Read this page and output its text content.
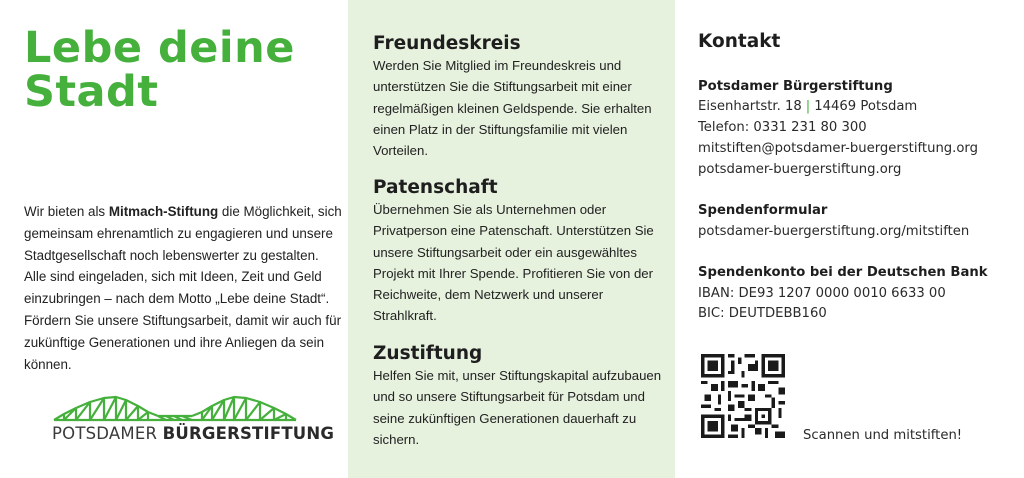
Lebe deine
Stadt

Wir bieten als Mitmach-Stiftung die Möglichkeit, sich gemeinsam ehrenamtlich zu engagieren und unsere Stadtgesellschaft noch lebenswerter zu gestalten. Alle sind eingeladen, sich mit Ideen, Zeit und Geld einzubringen – nach dem Motto „Lebe deine Stadt“. Fördern Sie unsere Stiftungsarbeit, damit wir auch für zukünftige Generationen und ihre Anliegen da sein können.

POTSDAMER BÜRGERSTIFTUNG
Freundeskreis

Werden Sie Mitglied im Freundeskreis und unterstützen Sie die Stiftungsarbeit mit einer regelmäßigen kleinen Geldspende. Sie erhalten einen Platz in der Stiftungsfamilie mit vielen Vorteilen.

Patenschaft

Übernehmen Sie als Unternehmen oder Privatperson eine Patenschaft. Unterstützen Sie unsere Stiftungsarbeit oder ein ausgewähltes Projekt mit Ihrer Spende. Profitieren Sie von der Reichweite, dem Netzwerk und unserer Strahlkraft.

Zustiftung

Helfen Sie mit, unser Stiftungskapital aufzubauen und so unsere Stiftungsarbeit für Potsdam und seine zukünftigen Generationen dauerhaft zu sichern.

Kontakt
Potsdamer Bürgerstiftung
Eisenhartstr. 18 | 14469 Potsdam
Telefon: 0331 231 80 300
mitstiften@potsdamer-buergerstiftung.org
potsdamer-buergerstiftung.org
Spendenformular
potsdamer-buergerstiftung.org/mitstiften
Spendenkonto bei der Deutschen Bank
IBAN: DE93 1207 0000 0010 6633 00
BIC: DEUTDEBB160
Scannen und mitstiften!
